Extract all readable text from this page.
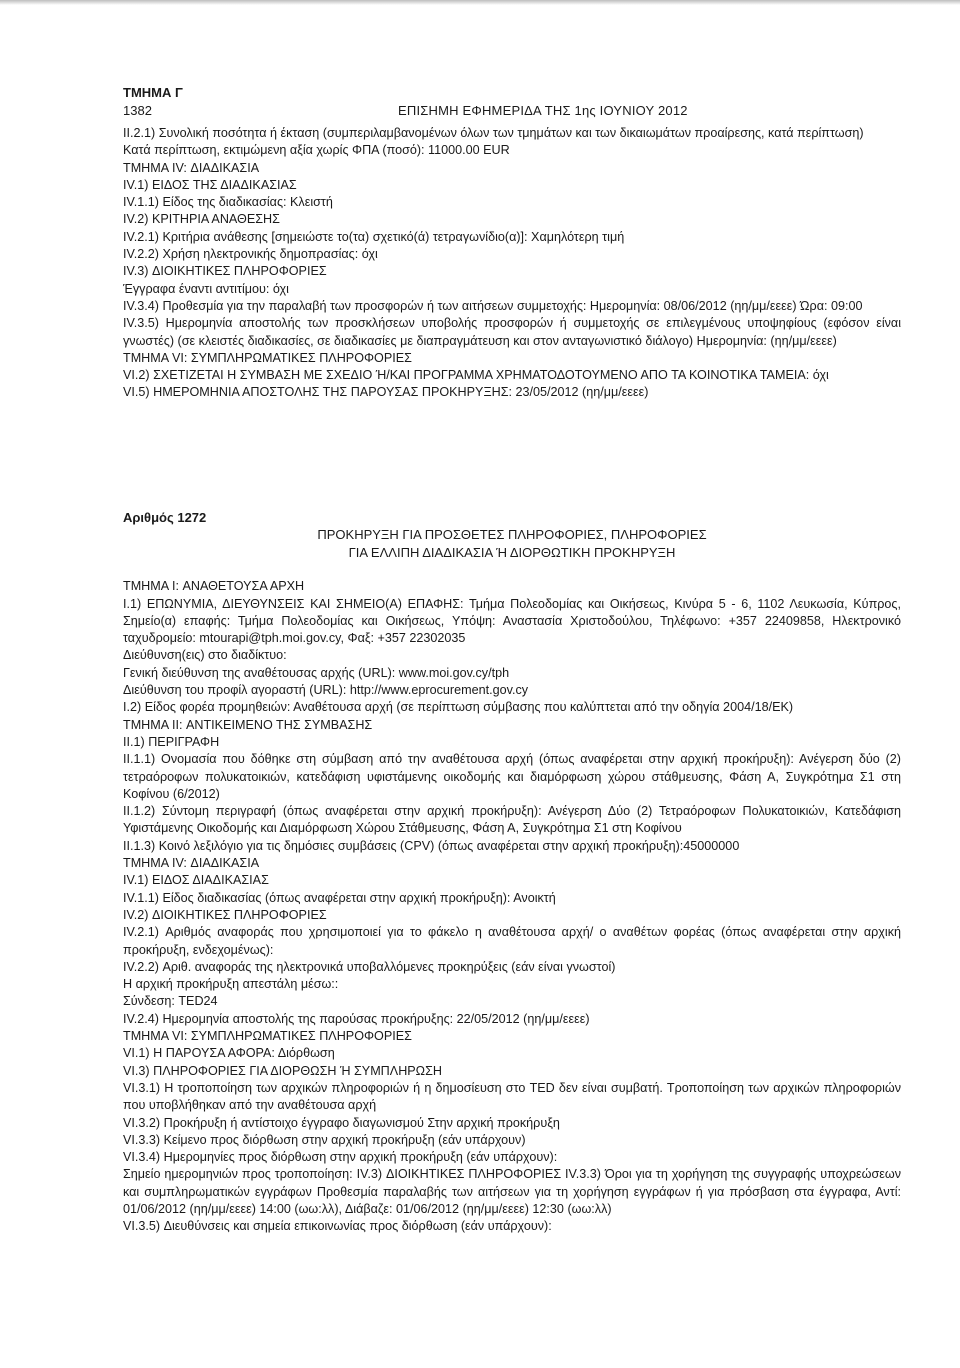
ΤΜΗΜΑ Γ
1382	ΕΠΙΣΗΜΗ ΕΦΗΜΕΡΙΔΑ ΤΗΣ 1ης ΙΟΥΝΙΟΥ 2012

II.2.1) Συνολική ποσότητα ή έκταση (συμπεριλαμβανομένων όλων των τμημάτων και των δικαιωμάτων προαίρεσης, κατά περίπτωση)

Κατά περίπτωση, εκτιμώμενη αξία χωρίς ΦΠΑ (ποσό): 11000.00 EUR

ΤΜΗΜΑ IV: ΔΙΑΔΙΚΑΣΙΑ

IV.1) ΕΙΔΟΣ ΤΗΣ ΔΙΑΔΙΚΑΣΙΑΣ

IV.1.1) Είδος της διαδικασίας: Κλειστή

IV.2) ΚΡΙΤΗΡΙΑ ΑΝΑΘΕΣΗΣ

IV.2.1) Κριτήρια ανάθεσης [σημειώστε το(τα) σχετικό(ά) τετραγωνίδιο(α)]: Χαμηλότερη τιμή

IV.2.2) Χρήση ηλεκτρονικής δημοπρασίας: όχι

IV.3) ΔΙΟΙΚΗΤΙΚΕΣ ΠΛΗΡΟΦΟΡΙΕΣ

Έγγραφα έναντι αντιτίμου: όχι

IV.3.4) Προθεσμία για την παραλαβή των προσφορών ή των αιτήσεων συμμετοχής: Ημερομηνία: 08/06/2012 (ηη/μμ/εεεε) Ώρα: 09:00

IV.3.5) Ημερομηνία αποστολής των προσκλήσεων υποβολής προσφορών ή συμμετοχής σε επιλεγμένους υποψηφίους (εφόσον είναι γνωστές) (σε κλειστές διαδικασίες, σε διαδικασίες με διαπραγμάτευση και στον ανταγωνιστικό διάλογο) Ημερομηνία: (ηη/μμ/εεεε)

ΤΜΗΜΑ VI: ΣΥΜΠΛΗΡΩΜΑΤΙΚΕΣ ΠΛΗΡΟΦΟΡΙΕΣ

VI.2) ΣΧΕΤΙΖΕΤΑΙ Η ΣΥΜΒΑΣΗ ΜΕ ΣΧΕΔΙΟ Ή/ΚΑΙ ΠΡΟΓΡΑΜΜΑ ΧΡΗΜΑΤΟΔΟΤΟΥΜΕΝΟ ΑΠΟ ΤΑ ΚΟΙΝΟΤΙΚΑ ΤΑΜΕΙΑ: όχι

VI.5) ΗΜΕΡΟΜΗΝΙΑ ΑΠΟΣΤΟΛΗΣ ΤΗΣ ΠΑΡΟΥΣΑΣ ΠΡΟΚΗΡΥΞΗΣ: 23/05/2012 (ηη/μμ/εεεε)

Αριθμός 1272

ΠΡΟΚΗΡΥΞΗ ΓΙΑ ΠΡΟΣΘΕΤΕΣ ΠΛΗΡΟΦΟΡΙΕΣ, ΠΛΗΡΟΦΟΡΙΕΣ

ΓΙΑ ΕΛΛΙΠΗ ΔΙΑΔΙΚΑΣΙΑ Ή ΔΙΟΡΘΩΤΙΚΗ ΠΡΟΚΗΡΥΞΗ

ΤΜΗΜΑ I: ΑΝΑΘΕΤΟΥΣΑ ΑΡΧΗ

I.1) ΕΠΩΝΥΜΙΑ, ΔΙΕΥΘΥΝΣΕΙΣ ΚΑΙ ΣΗΜΕΙΟ(Α) ΕΠΑΦΗΣ: Τμήμα Πολεοδομίας και Οικήσεως, Κινύρα 5 - 6, 1102 Λευκωσία, Κύπρος, Σημείο(α) επαφής: Τμήμα Πολεοδομίας και Οικήσεως, Υπόψη: Αναστασία Χριστοδούλου, Τηλέφωνο: +357 22409858, Ηλεκτρονικό ταχυδρομείο: mtourapi@tph.moi.gov.cy, Φαξ: +357 22302035

Διεύθυνση(εις) στο διαδίκτυο:

Γενική διεύθυνση της αναθέτουσας αρχής (URL): www.moi.gov.cy/tph

Διεύθυνση του προφίλ αγοραστή (URL): http://www.eprocurement.gov.cy

I.2) Είδος φορέα προμηθειών: Αναθέτουσα αρχή (σε περίπτωση σύμβασης που καλύπτεται από την οδηγία 2004/18/ΕΚ)

ΤΜΗΜΑ II: ΑΝΤΙΚΕΙΜΕΝΟ ΤΗΣ ΣΥΜΒΑΣΗΣ

II.1) ΠΕΡΙΓΡΑΦΗ

II.1.1) Ονομασία που δόθηκε στη σύμβαση από την αναθέτουσα αρχή (όπως αναφέρεται στην αρχική προκήρυξη): Ανέγερση δύο (2) τετραόροφων πολυκατοικιών, κατεδάφιση υφιστάμενης οικοδομής και διαμόρφωση χώρου στάθμευσης, Φάση Α, Συγκρότημα Σ1 στη Κοφίνου (6/2012)

II.1.2) Σύντομη περιγραφή (όπως αναφέρεται στην αρχική προκήρυξη): Ανέγερση Δύο (2) Τετραόροφων Πολυκατοικιών, Κατεδάφιση Υφιστάμενης Οικοδομής και Διαμόρφωση Χώρου Στάθμευσης, Φάση Α, Συγκρότημα Σ1 στη Κοφίνου

II.1.3) Κοινό λεξιλόγιο για τις δημόσιες συμβάσεις (CPV) (όπως αναφέρεται στην αρχική προκήρυξη):45000000

ΤΜΗΜΑ IV: ΔΙΑΔΙΚΑΣΙΑ

IV.1) ΕΙΔΟΣ ΔΙΑΔΙΚΑΣΙΑΣ

IV.1.1) Είδος διαδικασίας (όπως αναφέρεται στην αρχική προκήρυξη): Ανοικτή

IV.2) ΔΙΟΙΚΗΤΙΚΕΣ ΠΛΗΡΟΦΟΡΙΕΣ

IV.2.1) Αριθμός αναφοράς που χρησιμοποιεί για το φάκελο η αναθέτουσα αρχή/ ο αναθέτων φορέας (όπως αναφέρεται στην αρχική προκήρυξη, ενδεχομένως):

IV.2.2) Αριθ. αναφοράς της ηλεκτρονικά υποβαλλόμενες προκηρύξεις (εάν είναι γνωστοί)

Η αρχική προκήρυξη απεστάλη μέσω::

Σύνδεση: TED24

IV.2.4) Ημερομηνία αποστολής της παρούσας προκήρυξης: 22/05/2012 (ηη/μμ/εεεε)

ΤΜΗΜΑ VI: ΣΥΜΠΛΗΡΩΜΑΤΙΚΕΣ ΠΛΗΡΟΦΟΡΙΕΣ

VI.1) Η ΠΑΡΟΥΣΑ ΑΦΟΡΑ: Διόρθωση

VI.3) ΠΛΗΡΟΦΟΡΙΕΣ ΓΙΑ ΔΙΟΡΘΩΣΗ Ή ΣΥΜΠΛΗΡΩΣΗ

VI.3.1) Η τροποποίηση των αρχικών πληροφοριών ή η δημοσίευση στο TED δεν είναι συμβατή. Τροποποίηση των αρχικών πληροφοριών που υποβλήθηκαν από την αναθέτουσα αρχή

VI.3.2) Προκήρυξη ή αντίστοιχο έγγραφο διαγωνισμού Στην αρχική προκήρυξη

VI.3.3) Κείμενο προς διόρθωση στην αρχική προκήρυξη (εάν υπάρχουν)

VI.3.4) Ημερομηνίες προς διόρθωση στην αρχική προκήρυξη (εάν υπάρχουν):

Σημείο ημερομηνιών προς τροποποίηση: IV.3) ΔΙΟΙΚΗΤΙΚΕΣ ΠΛΗΡΟΦΟΡΙΕΣ IV.3.3) Όροι για τη χορήγηση της συγγραφής υποχρεώσεων και συμπληρωματικών εγγράφων Προθεσμία παραλαβής των αιτήσεων για τη χορήγηση εγγράφων ή για πρόσβαση στα έγγραφα, Αντί: 01/06/2012 (ηη/μμ/εεεε) 14:00 (ωω:λλ), Διάβαζε: 01/06/2012 (ηη/μμ/εεεε) 12:30 (ωω:λλ)

VI.3.5) Διευθύνσεις και σημεία επικοινωνίας προς διόρθωση (εάν υπάρχουν):
